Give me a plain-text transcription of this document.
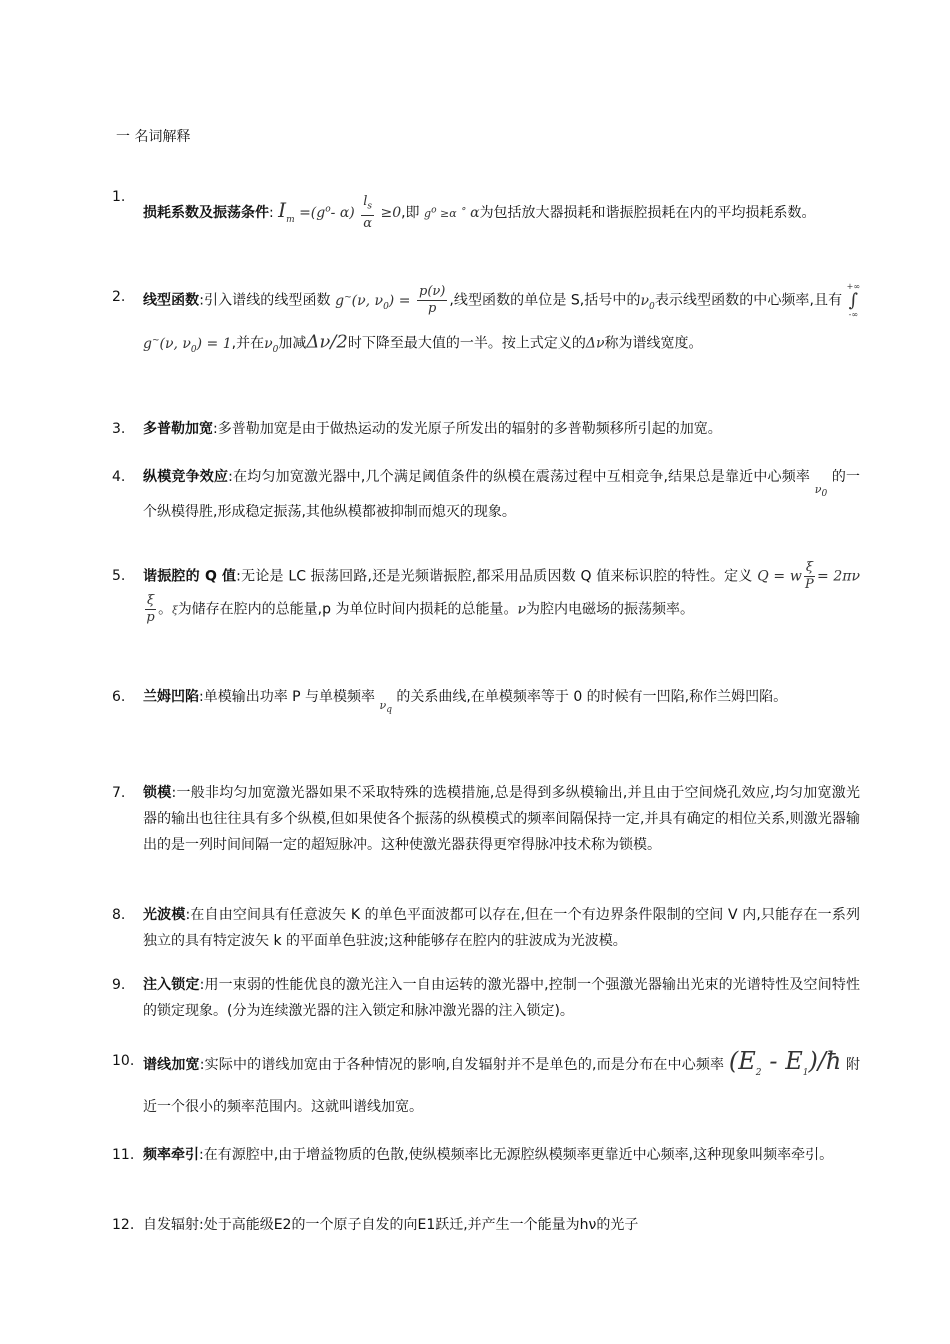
一 名词解释
1.
损耗系数及振荡条件: $I_m =(g^o-$ $\alpha) \frac{l_s}{\alpha} \ge 0$,即 $g^o \ge\alpha$ ˚ α为包括放大器损耗和谐振腔损耗在内的平均损耗系数。
2.	线型函数:引入谱线的线型函数 g~(ν, $\nu_0) = \frac{p(\nu)}{p}$ ,线型函数的单位是 S,括号中的$\nu_0$表示线型函数的中心频率,且有
+∞
∫
-∞
g~(ν, $\nu_0) = 1$,并在$\nu_0$加减Δν/2时下降至最大值的一半。按上式定义的Δν称为谱线宽度。
3.	多普勒加宽:多普勒加宽是由于做热运动的发光原子所发出的辐射的多普勒频移所引起的加宽。
4.	纵模竞争效应:在均匀加宽激光器中,几个满足阈值条件的纵模在震荡过程中互相竞争,结果总是靠近中心频率 $_{\nu_0}$ 的一个纵模得胜,形成稳定振荡,其他纵模都被抑制而熄灭的现象。
5.	谐振腔的 Q 值:无论是 LC 振荡回路,还是光频谐振腔,都采用品质因数 Q 值来标识腔的特性。定义 Q = w $\frac{\xi}{P} = 2\pi\nu$
$\frac{\xi}{p}$ 。ξ为储存在腔内的总能量,p 为单位时间内损耗的总能量。ν为腔内电磁场的振荡频率。
6.	兰姆凹陷:单模输出功率 P 与单模频率 $_{\nu_q}$ 的关系曲线,在单模频率等于 0 的时候有一凹陷,称作兰姆凹陷。
7.	锁模:一般非均匀加宽激光器如果不采取特殊的选模措施,总是得到多纵模输出,并且由于空间烧孔效应,均匀加宽激光器的输出也往往具有多个纵模,但如果使各个振荡的纵模模式的频率间隔保持一定,并具有确定的相位关系,则激光器输出的是一列时间间隔一定的超短脉冲。这种使激光器获得更窄得脉冲技术称为锁模。
8.	光波模:在自由空间具有任意波矢 K 的单色平面波都可以存在,但在一个有边界条件限制的空间 V 内,只能存在一系列独立的具有特定波矢 k 的平面单色驻波;这种能够存在腔内的驻波成为光波模。
9.	注入锁定:用一束弱的性能优良的激光注入一自由运转的激光器中,控制一个强激光器输出光束的光谱特性及空间特性的锁定现象。(分为连续激光器的注入锁定和脉冲激光器的注入锁定)。
10. 谱线加宽:实际中的谱线加宽由于各种情况的影响,自发辐射并不是单色的,而是分布在中心频率 ($E_2$ - $E_1)/ħ$ 附近一个很小的频率范围内。这就叫谱线加宽。
11. 频率牵引:在有源腔中,由于增益物质的色散,使纵模频率比无源腔纵模频率更靠近中心频率,这种现象叫频率牵引。
12. 自发辐射:处于高能级E2的一个原子自发的向E1跃迁,并产生一个能量为hν的光子
